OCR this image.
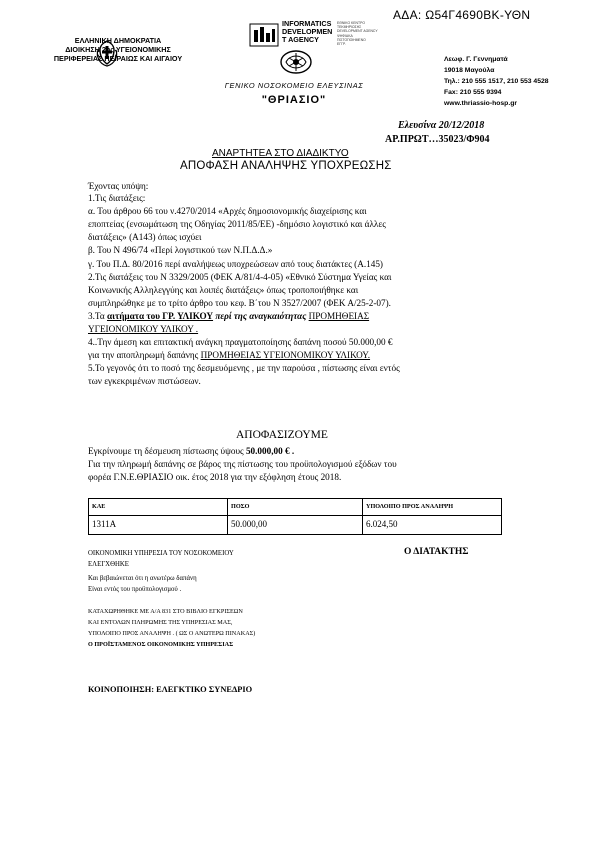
ΑΔΑ: Ω54Γ4690ΒΚ-ΥΘΝ
ΕΛΛΗΝΙΚΗ ΔΗΜΟΚΡΑΤΙΑ
ΔΙΟΙΚΗΣΗ 2ης ΥΓΕΙΟΝΟΜΙΚΗΣ
ΠΕΡΙΦΕΡΕΙΑΣ ΠΕΙΡΑΙΩΣ ΚΑΙ ΑΙΓΑΙΟΥ
INFORMATICS
DEVELOPMEN
T AGENCY
ΕΘΝΙΚΟ ΚΕΝΤΡΟ
ΤΕΚΜΗΡΙΩΣΗΣ
DEVELOPMENT AGENCY
ΨΗΦΙΑΚΑ
ΠΙΣΤΟΠΟΙΗΜΕΝΟ
ΕΓΓΡ.
ΓΕΝΙΚΟ ΝΟΣΟΚΟΜΕΙΟ ΕΛΕΥΣΙΝΑΣ
"ΘΡΙΑΣΙΟ"
Λεωφ. Γ. Γεννηματά
19018 Μαγούλα
Τηλ.: 210 555 1517, 210 553 4528
Fax: 210 555 9394
www.thriassio-hosp.gr
Ελευσίνα 20/12/2018
ΑΡ.ΠΡΩΤ…35023/Φ904
ΑΝΑΡΤΗΤΕΑ ΣΤΟ ΔΙΑΔΙΚΤΥΟ
ΑΠΟΦΑΣΗ ΑΝΑΛΗΨΗΣ ΥΠΟΧΡΕΩΣΗΣ
Έχοντας υπόψη:
1.Τις διατάξεις:
α. Του άρθρου 66 του ν.4270/2014 «Αρχές δημοσιονομικής διαχείρισης και
εποπτείας (ενσωμάτωση της Οδηγίας 2011/85/ΕΕ) -δημόσιο λογιστικό και άλλες
διατάξεις» (Α143) όπως ισχύει
β. Του Ν 496/74 «Περί λογιστικού των Ν.Π.Δ.Δ.»
γ. Του Π.Δ. 80/2016 περί αναλήψεως υποχρεώσεων από τους διατάκτες (Α.145)
2.Τις διατάξεις του Ν 3329/2005 (ΦΕΚ Α/81/4-4-05) «Εθνικό Σύστημα Υγείας και
Κοινωνικής Αλληλεγγύης και λοιπές διατάξεις» όπως τροποποιήθηκε και
συμπληρώθηκε με το τρίτο άρθρο του κεφ. Β΄του Ν 3527/2007 (ΦΕΚ Α/25-2-07).
3.Τα αιτήματα του ΓΡ. ΥΛΙΚΟΥ περί της αναγκαιότητας ΠΡΟΜΗΘΕΙΑΣ
ΥΓΕΙΟΝΟΜΙΚΟΥ ΥΛΙΚΟΥ .
4..Την άμεση και επιτακτική ανάγκη πραγματοποίησης δαπάνη ποσού 50.000,00 €
για την αποπληρωμή δαπάνης ΠΡΟΜΗΘΕΙΑΣ ΥΓΕΙΟΝΟΜΙΚΟΥ ΥΛΙΚΟΥ.
5.Το γεγονός ότι το ποσό της δεσμευόμενης , με την παρούσα , πίστωσης είναι εντός
των εγκεκριμένων πιστώσεων.
ΑΠΟΦΑΣΙΖΟΥΜΕ
Εγκρίνουμε τη δέσμευση πίστωσης ύψους 50.000,00 € .
Για την πληρωμή δαπάνης σε βάρος της πίστωσης του προϋπολογισμού εξόδων του
φορέα Γ.Ν.Ε.ΘΡΙΑΣΙΟ οικ. έτος 2018 για την εξόφληση έτους 2018.
ΚΑΕ	ΠΟΣΟ	ΥΠΟΛΟΙΠΟ ΠΡΟΣ ΑΝΑΛΗΨΗ
1311Α	50.000,00	6.024,50
ΟΙΚΟΝΟΜΙΚΗ ΥΠΗΡΕΣΙΑ ΤΟΥ ΝΟΣΟΚΟΜΕΙΟΥ
ΕΛΕΓΧΘΗΚΕ
Και βεβαιώνεται ότι η ανωτέρω δαπάνη
Είναι εντός του προϋπολογισμού .
Ο ΔΙΑΤΑΚΤΗΣ
ΚΑΤΑΧΩΡΗΘΗΚΕ ΜΕ Α/Α 831 ΣΤΟ ΒΙΒΛΙΟ ΕΓΚΡΙΣΕΩΝ
ΚΑΙ ΕΝΤΟΛΩΝ ΠΛΗΡΩΜΗΣ ΤΗΣ ΥΠΗΡΕΣΙΑΣ ΜΑΣ,
ΥΠΟΛΟΙΠΟ ΠΡΟΣ ΑΝΑΛΗΨΗ . ( ΩΣ Ο ΑΝΩΤΕΡΩ ΠΙΝΑΚΑΣ)
Ο ΠΡΟΪΣΤΑΜΕΝΟΣ ΟΙΚΟΝΟΜΙΚΗΣ ΥΠΗΡΕΣΙΑΣ
ΚΟΙΝΟΠΟΙΗΣΗ: ΕΛΕΓΚΤΙΚΟ ΣΥΝΕΔΡΙΟ
